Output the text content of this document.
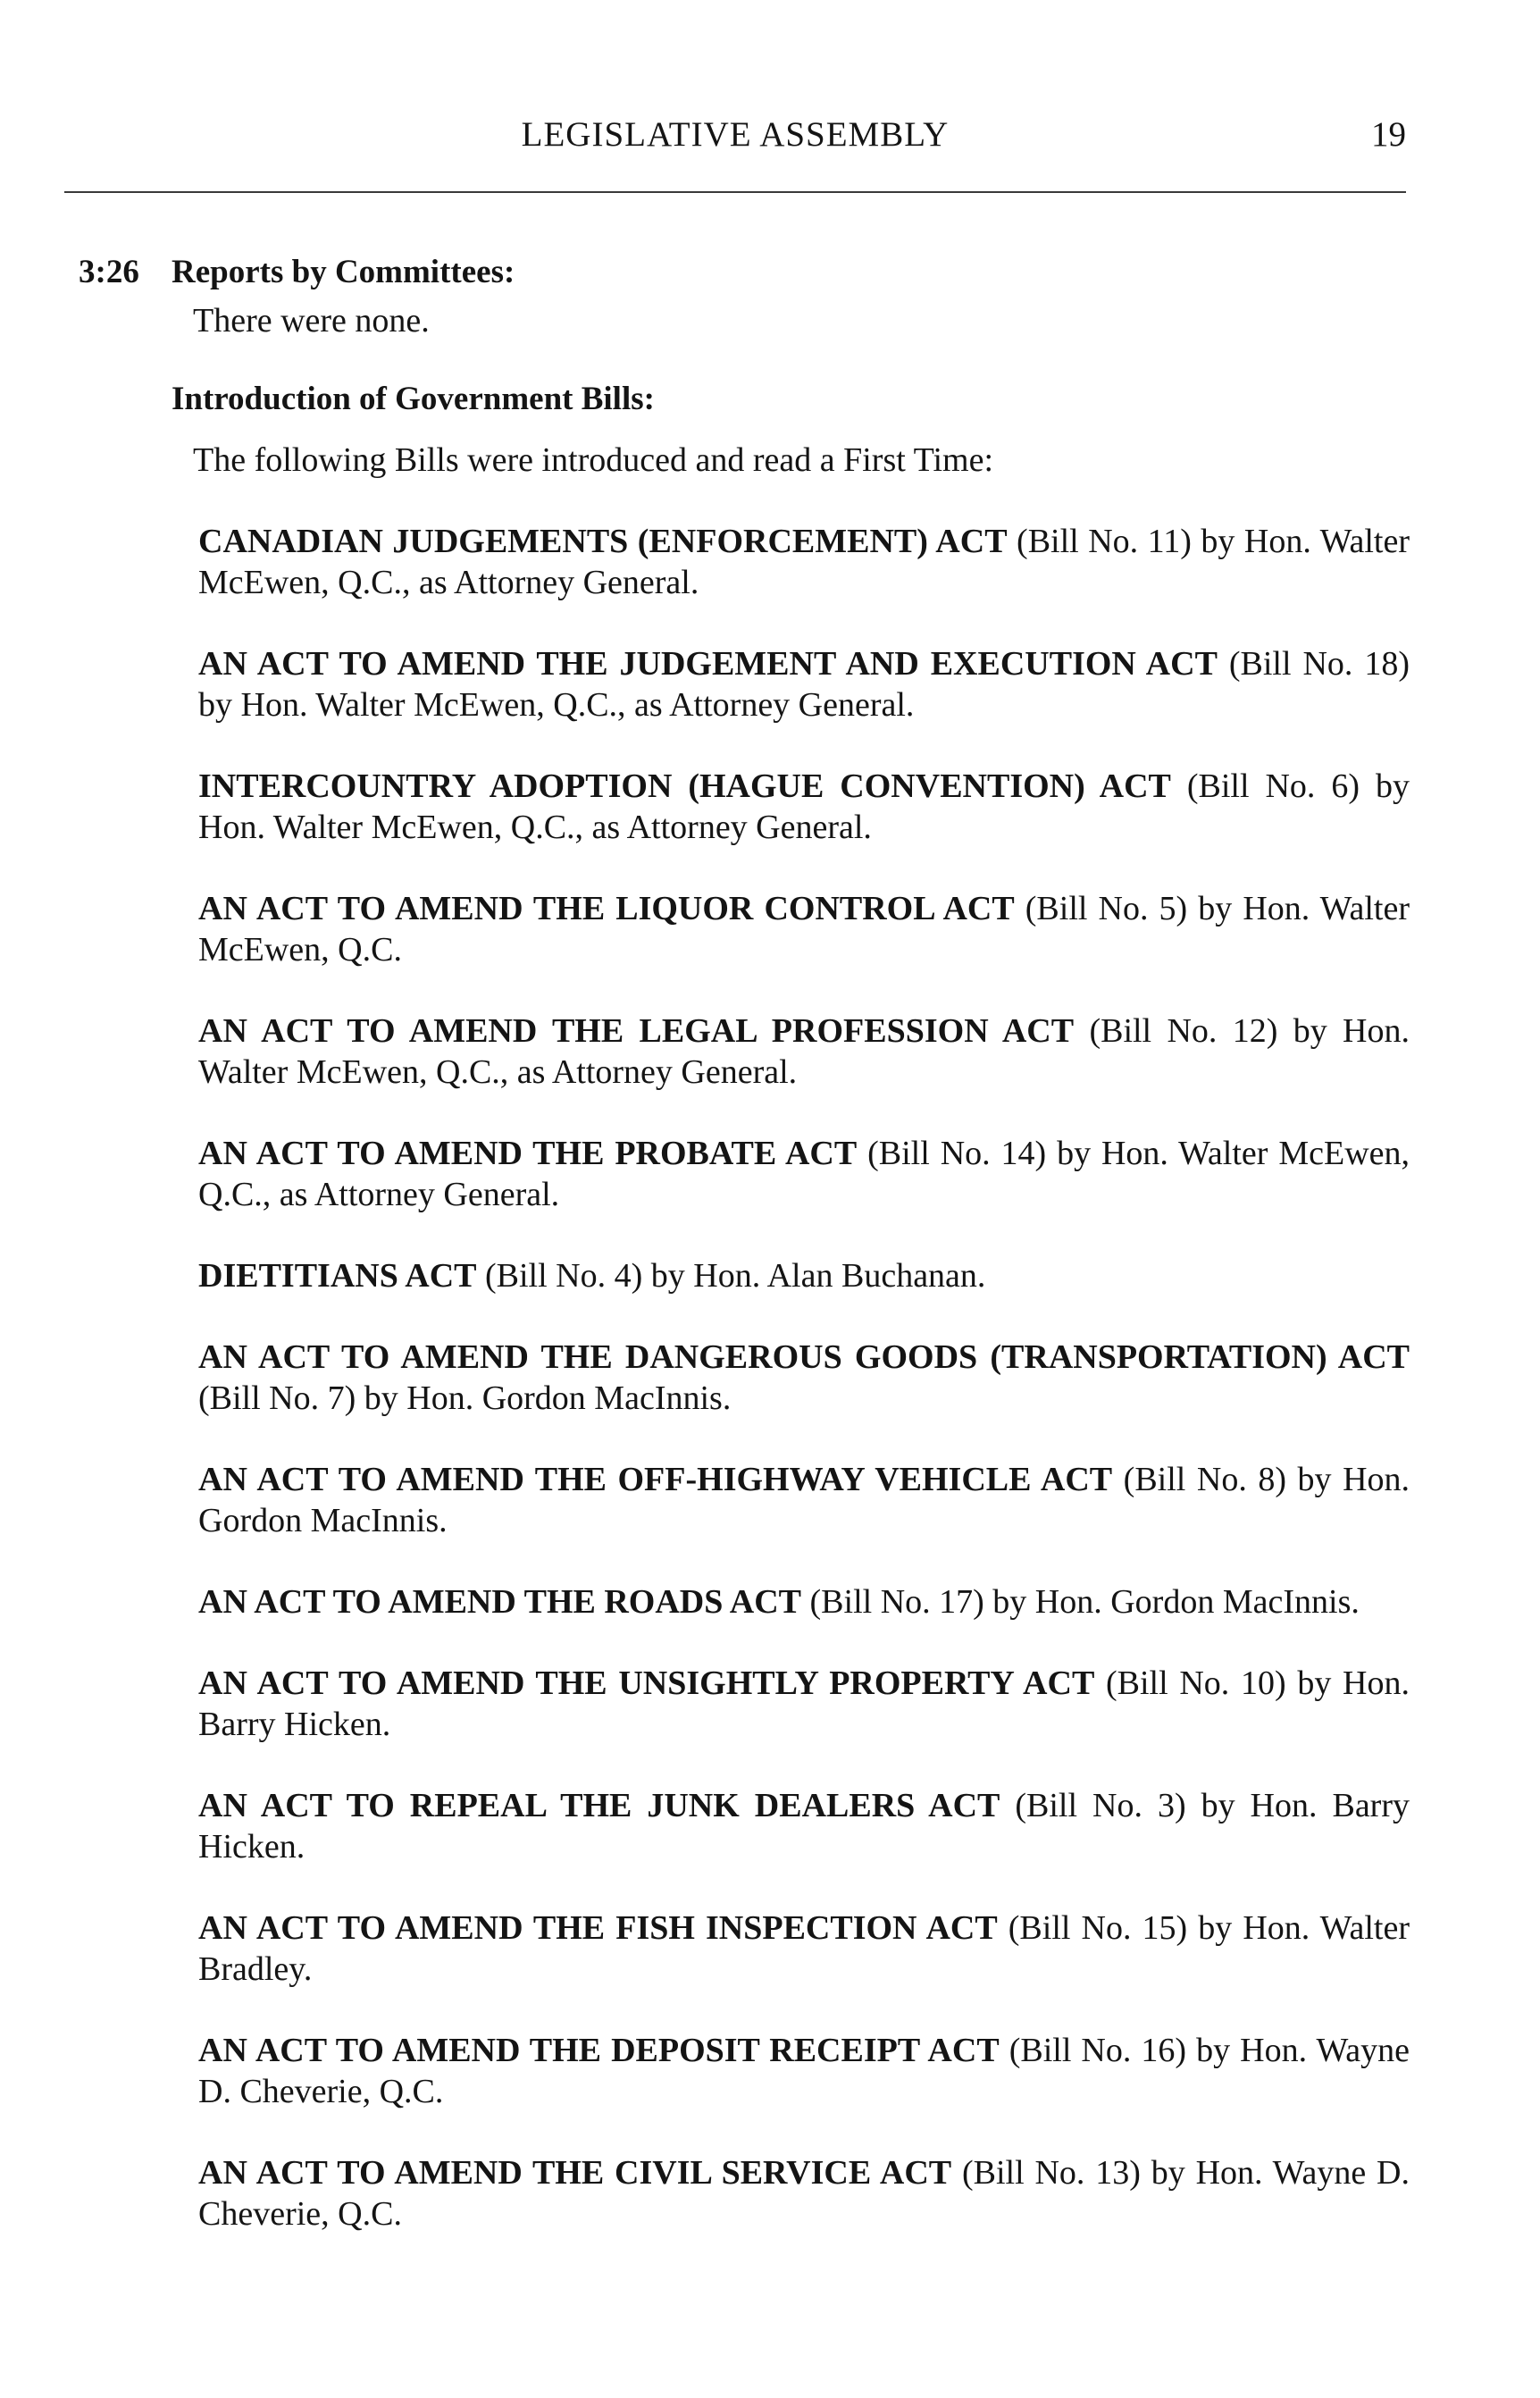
LEGISLATIVE ASSEMBLY	19
3:26 Reports by Committees:

There were none.

Introduction of Government Bills:

The following Bills were introduced and read a First Time:

CANADIAN JUDGEMENTS (ENFORCEMENT) ACT (Bill No. 11) by Hon. Walter McEwen, Q.C., as Attorney General.

AN ACT TO AMEND THE JUDGEMENT AND EXECUTION ACT (Bill No. 18) by Hon. Walter McEwen, Q.C., as Attorney General.

INTERCOUNTRY ADOPTION (HAGUE CONVENTION) ACT (Bill No. 6) by Hon. Walter McEwen, Q.C., as Attorney General.

AN ACT TO AMEND THE LIQUOR CONTROL ACT (Bill No. 5) by Hon. Walter McEwen, Q.C.

AN ACT TO AMEND THE LEGAL PROFESSION ACT (Bill No. 12) by Hon. Walter McEwen, Q.C., as Attorney General.

AN ACT TO AMEND THE PROBATE ACT (Bill No. 14) by Hon. Walter McEwen, Q.C., as Attorney General.

DIETITIANS ACT (Bill No. 4) by Hon. Alan Buchanan.

AN ACT TO AMEND THE DANGEROUS GOODS (TRANSPORTATION) ACT (Bill No. 7) by Hon. Gordon MacInnis.

AN ACT TO AMEND THE OFF-HIGHWAY VEHICLE ACT (Bill No. 8) by Hon. Gordon MacInnis.

AN ACT TO AMEND THE ROADS ACT (Bill No. 17) by Hon. Gordon MacInnis.

AN ACT TO AMEND THE UNSIGHTLY PROPERTY ACT (Bill No. 10) by Hon. Barry Hicken.

AN ACT TO REPEAL THE JUNK DEALERS ACT (Bill No. 3) by Hon. Barry Hicken.

AN ACT TO AMEND THE FISH INSPECTION ACT (Bill No. 15) by Hon. Walter Bradley.

AN ACT TO AMEND THE DEPOSIT RECEIPT ACT (Bill No. 16) by Hon. Wayne D. Cheverie, Q.C.

AN ACT TO AMEND THE CIVIL SERVICE ACT (Bill No. 13) by Hon. Wayne D. Cheverie, Q.C.
